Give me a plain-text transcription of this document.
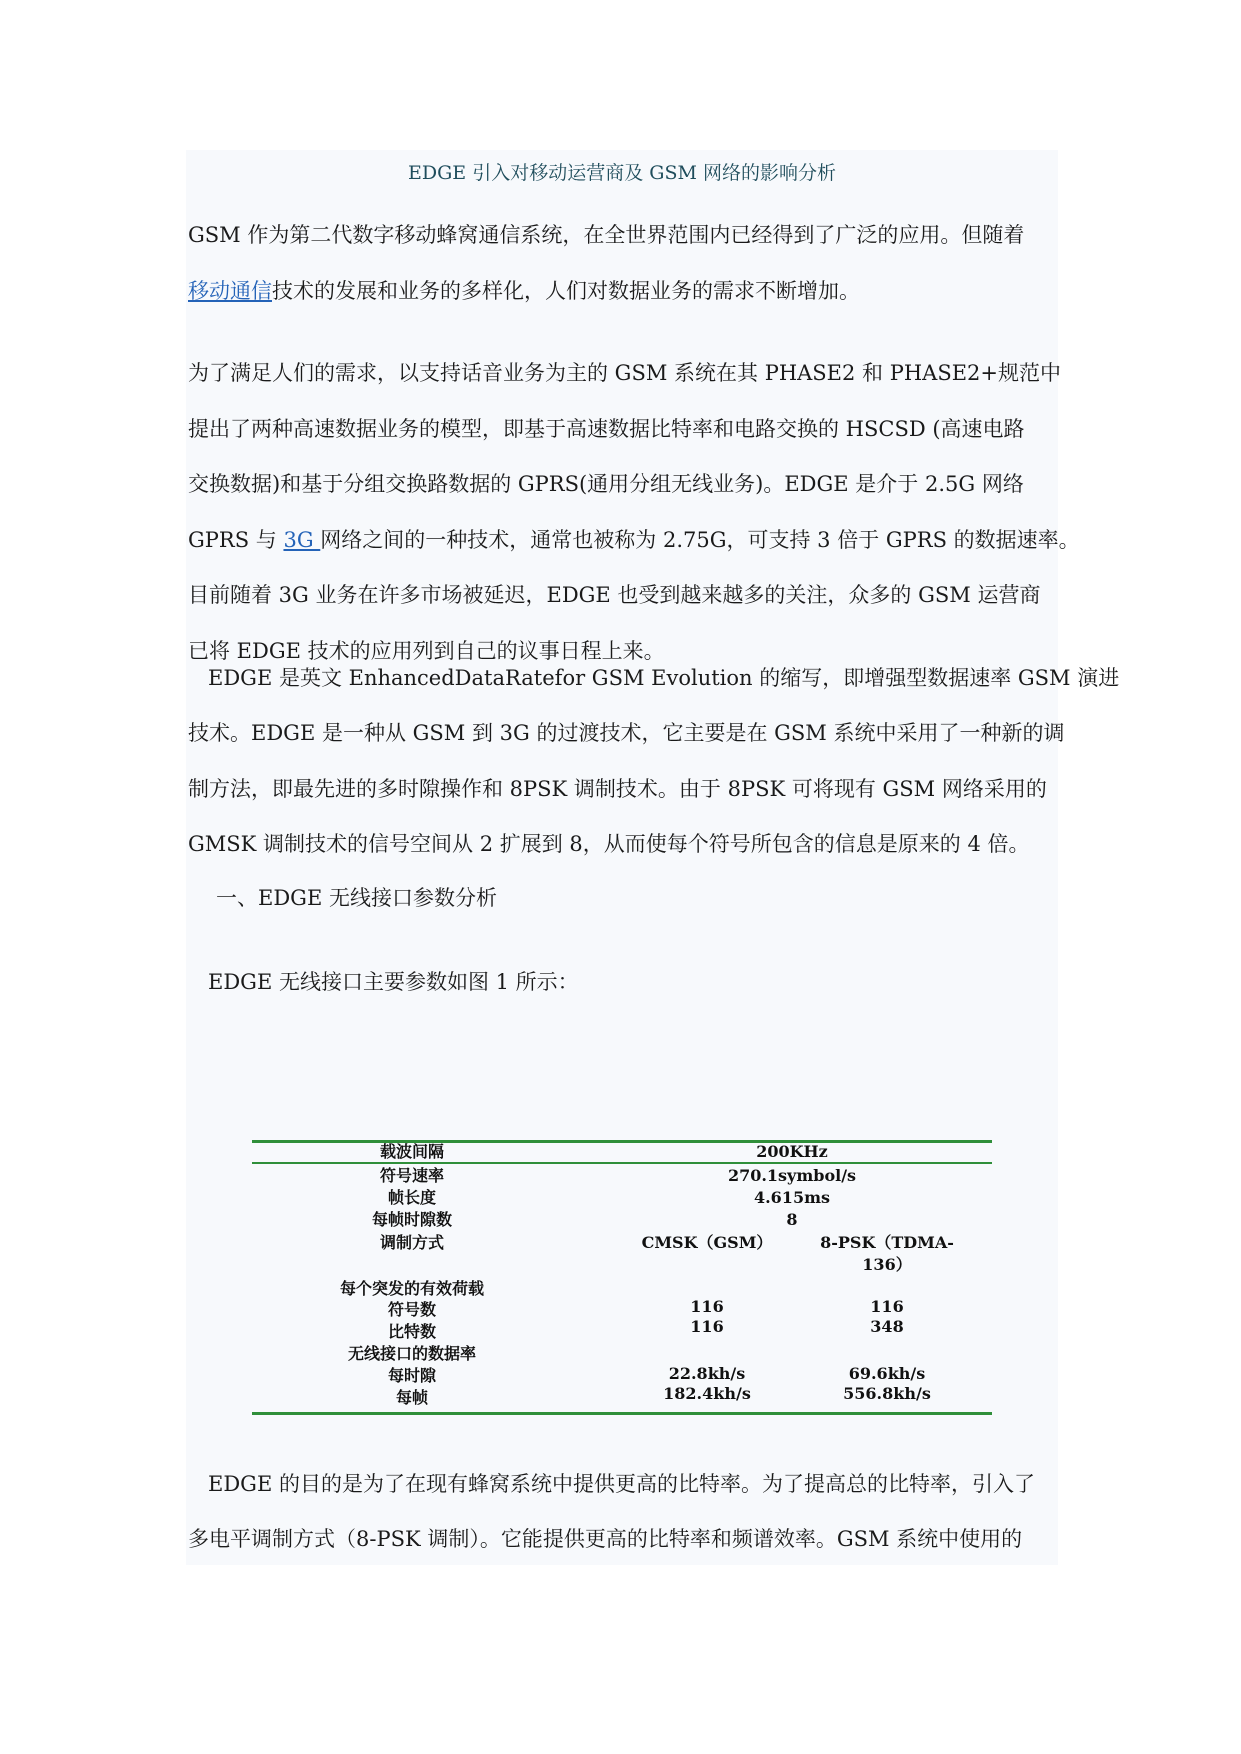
EDGE 引入对移动运营商及 GSM 网络的影响分析
GSM 作为第二代数字移动蜂窝通信系统，在全世界范围内已经得到了广泛的应用。但随着
移动通信技术的发展和业务的多样化，人们对数据业务的需求不断增加。
为了满足人们的需求，以支持话音业务为主的 GSM 系统在其 PHASE2 和 PHASE2+规范中
提出了两种高速数据业务的模型，即基于高速数据比特率和电路交换的 HSCSD (高速电路
交换数据)和基于分组交换路数据的 GPRS(通用分组无线业务)。EDGE 是介于 2.5G 网络
GPRS 与 3G 网络之间的一种技术，通常也被称为 2.75G，可支持 3 倍于 GPRS 的数据速率。
目前随着 3G 业务在许多市场被延迟，EDGE 也受到越来越多的关注，众多的 GSM 运营商
已将 EDGE 技术的应用列到自己的议事日程上来。
EDGE 是英文 EnhancedDataRatefor GSM Evolution 的缩写，即增强型数据速率 GSM 演进
技术。EDGE 是一种从 GSM 到 3G 的过渡技术，它主要是在 GSM 系统中采用了一种新的调
制方法，即最先进的多时隙操作和 8PSK 调制技术。由于 8PSK 可将现有 GSM 网络采用的
GMSK 调制技术的信号空间从 2 扩展到 8，从而使每个符号所包含的信息是原来的 4 倍。
一、EDGE 无线接口参数分析
EDGE 无线接口主要参数如图 1 所示：
载波间隔	200KHz
符号速率	270.1symbol/s
帧长度	4.615ms
每帧时隙数	8
调制方式	CMSK（GSM）	8-PSK（TDMA-
136）
每个突发的有效荷载
符号数	116	116
比特数	116	348
无线接口的数据率
每时隙	22.8kh/s	69.6kh/s
每帧	182.4kh/s	556.8kh/s
EDGE 的目的是为了在现有蜂窝系统中提供更高的比特率。为了提高总的比特率，引入了
多电平调制方式（8-PSK 调制）。它能提供更高的比特率和频谱效率。GSM 系统中使用的
